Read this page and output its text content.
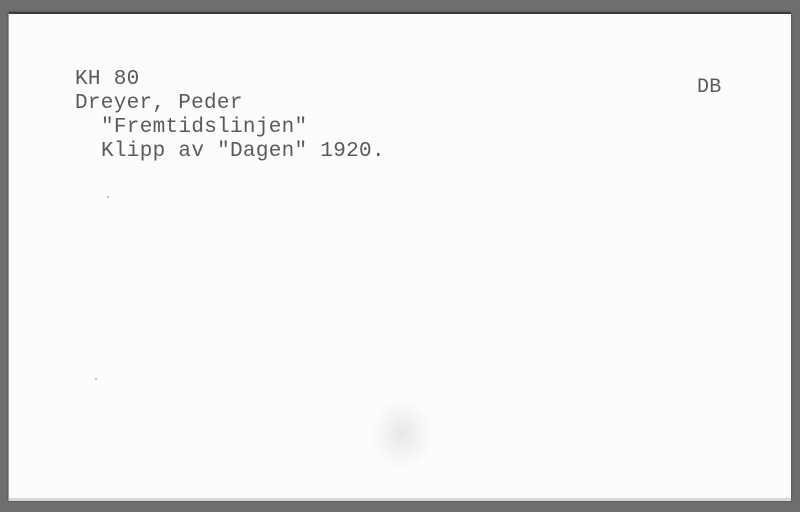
KH 80
Dreyer, Peder
"Fremtidslinjen"
Klipp av "Dagen" 1920.
DB
